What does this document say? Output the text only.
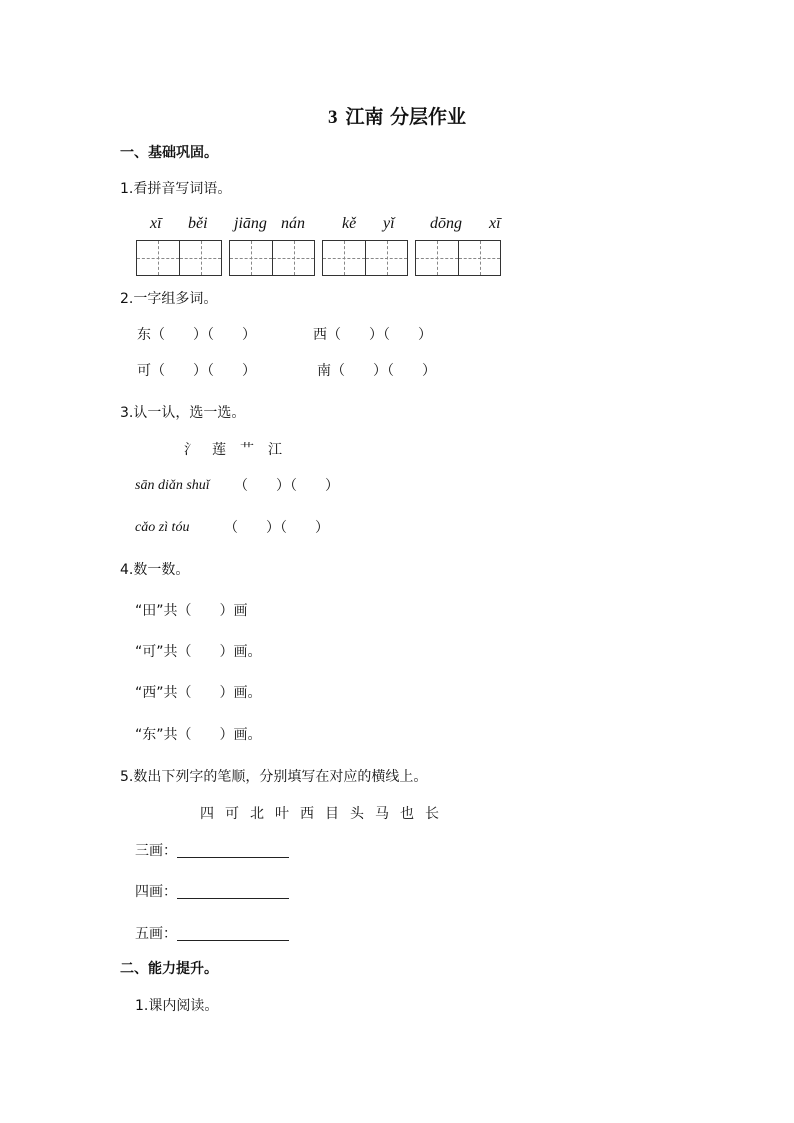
3 江南 分层作业
一、基础巩固。
1.看拼音写词语。
xī běi jiāng nán kě yǐ dōng xī
2.一字组多词。
东（　　）（　　）	西（　　）（　　）
可（　　）（　　）	南（　　）（　　）
3.认一认，选一选。
氵　莲　艹　江
sān diǎn shuǐ （　　）（　　）
cǎo zì tóu （　　）（　　）
4.数一数。
“田”共（　　）画
“可”共（　　）画。
“西”共（　　）画。
“东”共（　　）画。
5.数出下列字的笔顺，分别填写在对应的横线上。
四 可 北 叶 西 目 头 马 也 长
三画：
四画：
五画：
二、能力提升。
1.课内阅读。
